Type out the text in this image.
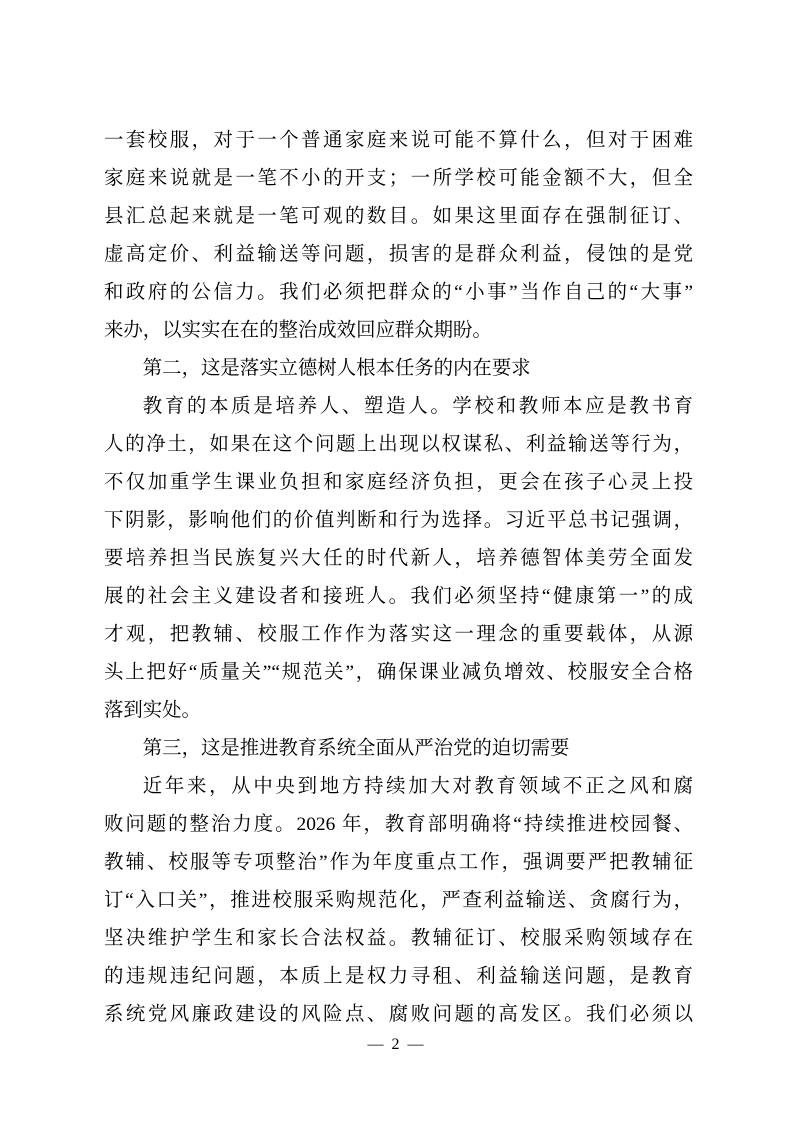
一套校服，对于一个普通家庭来说可能不算什么，但对于困难
家庭来说就是一笔不小的开支；一所学校可能金额不大，但全
县汇总起来就是一笔可观的数目。如果这里面存在强制征订、
虚高定价、利益输送等问题，损害的是群众利益，侵蚀的是党
和政府的公信力。我们必须把群众的“小事”当作自己的“大事”
来办，以实实在在的整治成效回应群众期盼。
第二，这是落实立德树人根本任务的内在要求
教育的本质是培养人、塑造人。学校和教师本应是教书育
人的净土，如果在这个问题上出现以权谋私、利益输送等行为，
不仅加重学生课业负担和家庭经济负担，更会在孩子心灵上投
下阴影，影响他们的价值判断和行为选择。习近平总书记强调，
要培养担当民族复兴大任的时代新人，培养德智体美劳全面发
展的社会主义建设者和接班人。我们必须坚持“健康第一”的成
才观，把教辅、校服工作作为落实这一理念的重要载体，从源
头上把好“质量关”“规范关”，确保课业减负增效、校服安全合格
落到实处。
第三，这是推进教育系统全面从严治党的迫切需要
近年来，从中央到地方持续加大对教育领域不正之风和腐
败问题的整治力度。2026 年，教育部明确将“持续推进校园餐、
教辅、校服等专项整治”作为年度重点工作，强调要严把教辅征
订“入口关”，推进校服采购规范化，严查利益输送、贪腐行为，
坚决维护学生和家长合法权益。教辅征订、校服采购领域存在
的违规违纪问题，本质上是权力寻租、利益输送问题，是教育
系统党风廉政建设的风险点、腐败问题的高发区。我们必须以
— 2 —
